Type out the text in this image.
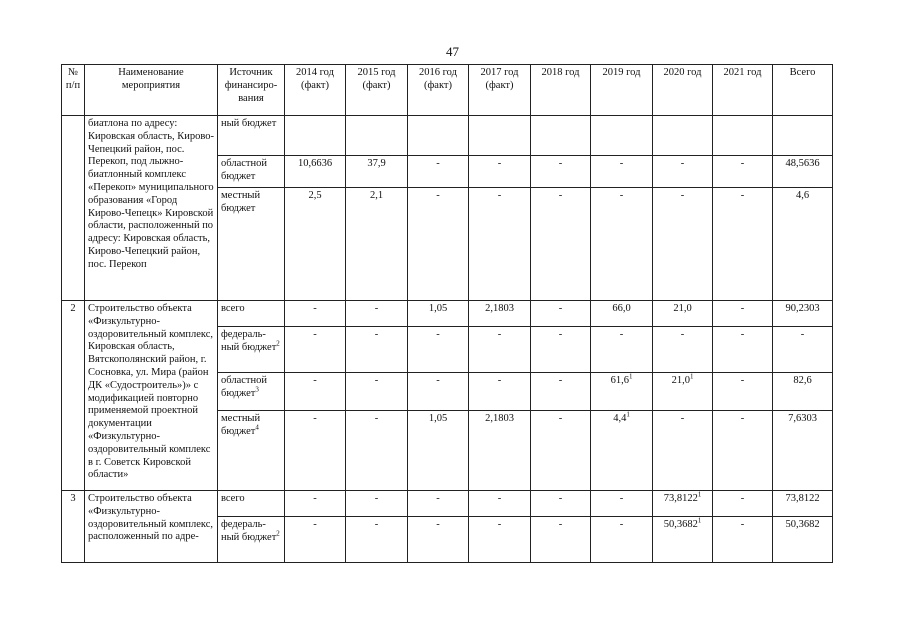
47
№ п/п	Наименование мероприятия	Источник финансиро-вания	2014 год (факт)	2015 год (факт)	2016 год (факт)	2017 год (факт)	2018 год	2019 год	2020 год	2021 год	Всего
	биатлона по адресу: Кировская область, Кирово-Чепецкий район, пос. Перекоп, под лыжно-биатлонный комплекс «Перекоп» муниципального образования «Город Кирово-Чепецк» Кировской области, расположенный по адресу: Кировская область, Кирово-Чепецкий район, пос. Перекоп	ный бюджет									
		областной бюджет	10,6636	37,9	-	-	-	-	-	-	48,5636
		местный бюджет	2,5	2,1	-	-	-	-	-	-	4,6
2	Строительство объекта «Физкультурно-оздоровительный комплекс, Кировская область, Вятскополянский район, г. Сосновка, ул. Мира (район ДК «Судостроитель»)» с модификацией повторно применяемой проектной документации «Физкультурно-оздоровительный комплекс в г. Советск Кировской области»	всего	-	-	1,05	2,1803	-	66,0	21,0	-	90,2303
		федераль-ный бюджет$^2$	-	-	-	-	-	-	-	-	-
		областной бюджет$^3$	-	-	-	-	-	61,6$^1$	21,0$^1$	-	82,6
		местный бюджет$^4$	-	-	1,05	2,1803	-	$4,4^1$	-	-	7,6303
3	Строительство объекта «Физкультурно-оздоровительный комплекс, расположенный по адре-	всего	-	-	-	-	-	-	73,8122$^1$	-	73,8122
		федераль-ный бюджет$^2$	-	-	-	-	-	-	50,3682$^1$	-	50,3682
